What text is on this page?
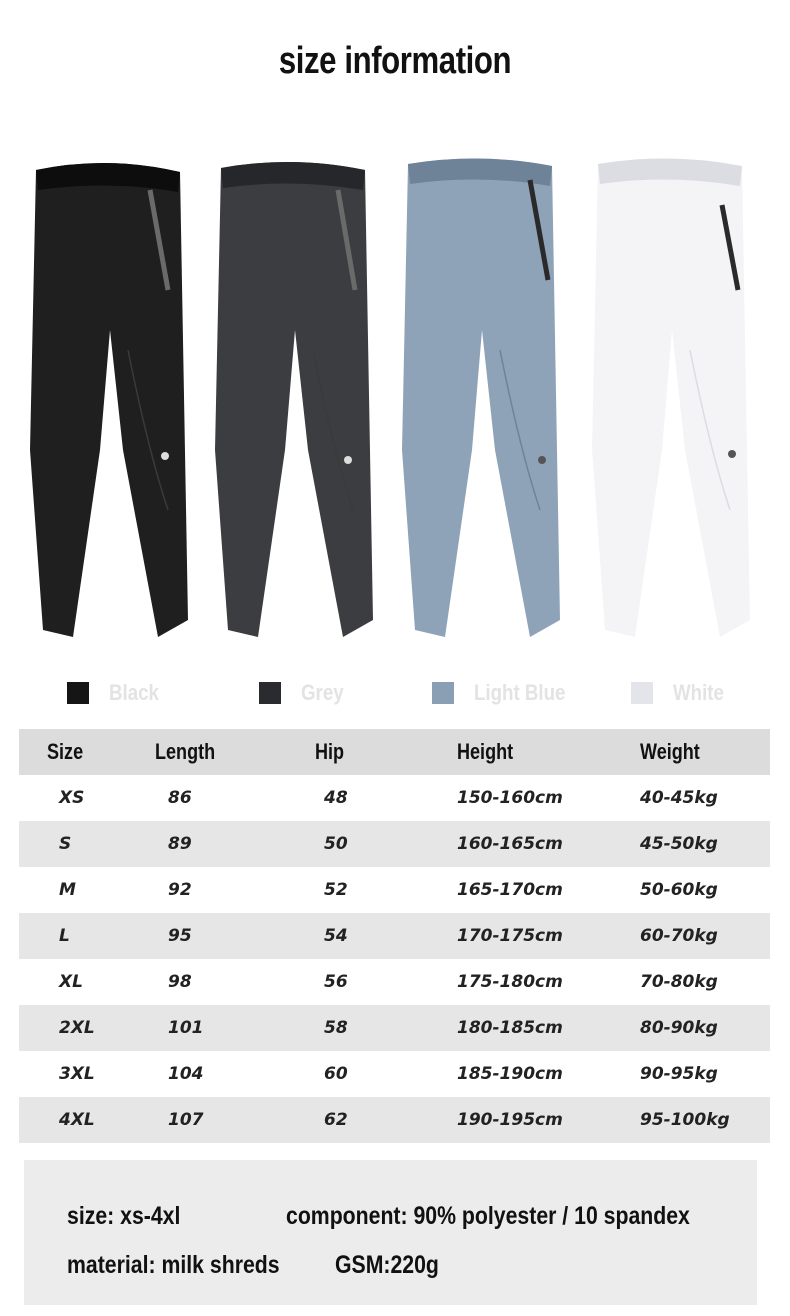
size information
Black	Grey	Light Blue	White
Size	Length	Hip	Height	Weight
XS	86	48	150-160cm	40-45kg
S	89	50	160-165cm	45-50kg
M	92	52	165-170cm	50-60kg
L	95	54	170-175cm	60-70kg
XL	98	56	175-180cm	70-80kg
2XL	101	58	180-185cm	80-90kg
3XL	104	60	185-190cm	90-95kg
4XL	107	62	190-195cm	95-100kg
size: xs-4xl	component: 90% polyester / 10 spandex
material: milk shreds GSM:220g
